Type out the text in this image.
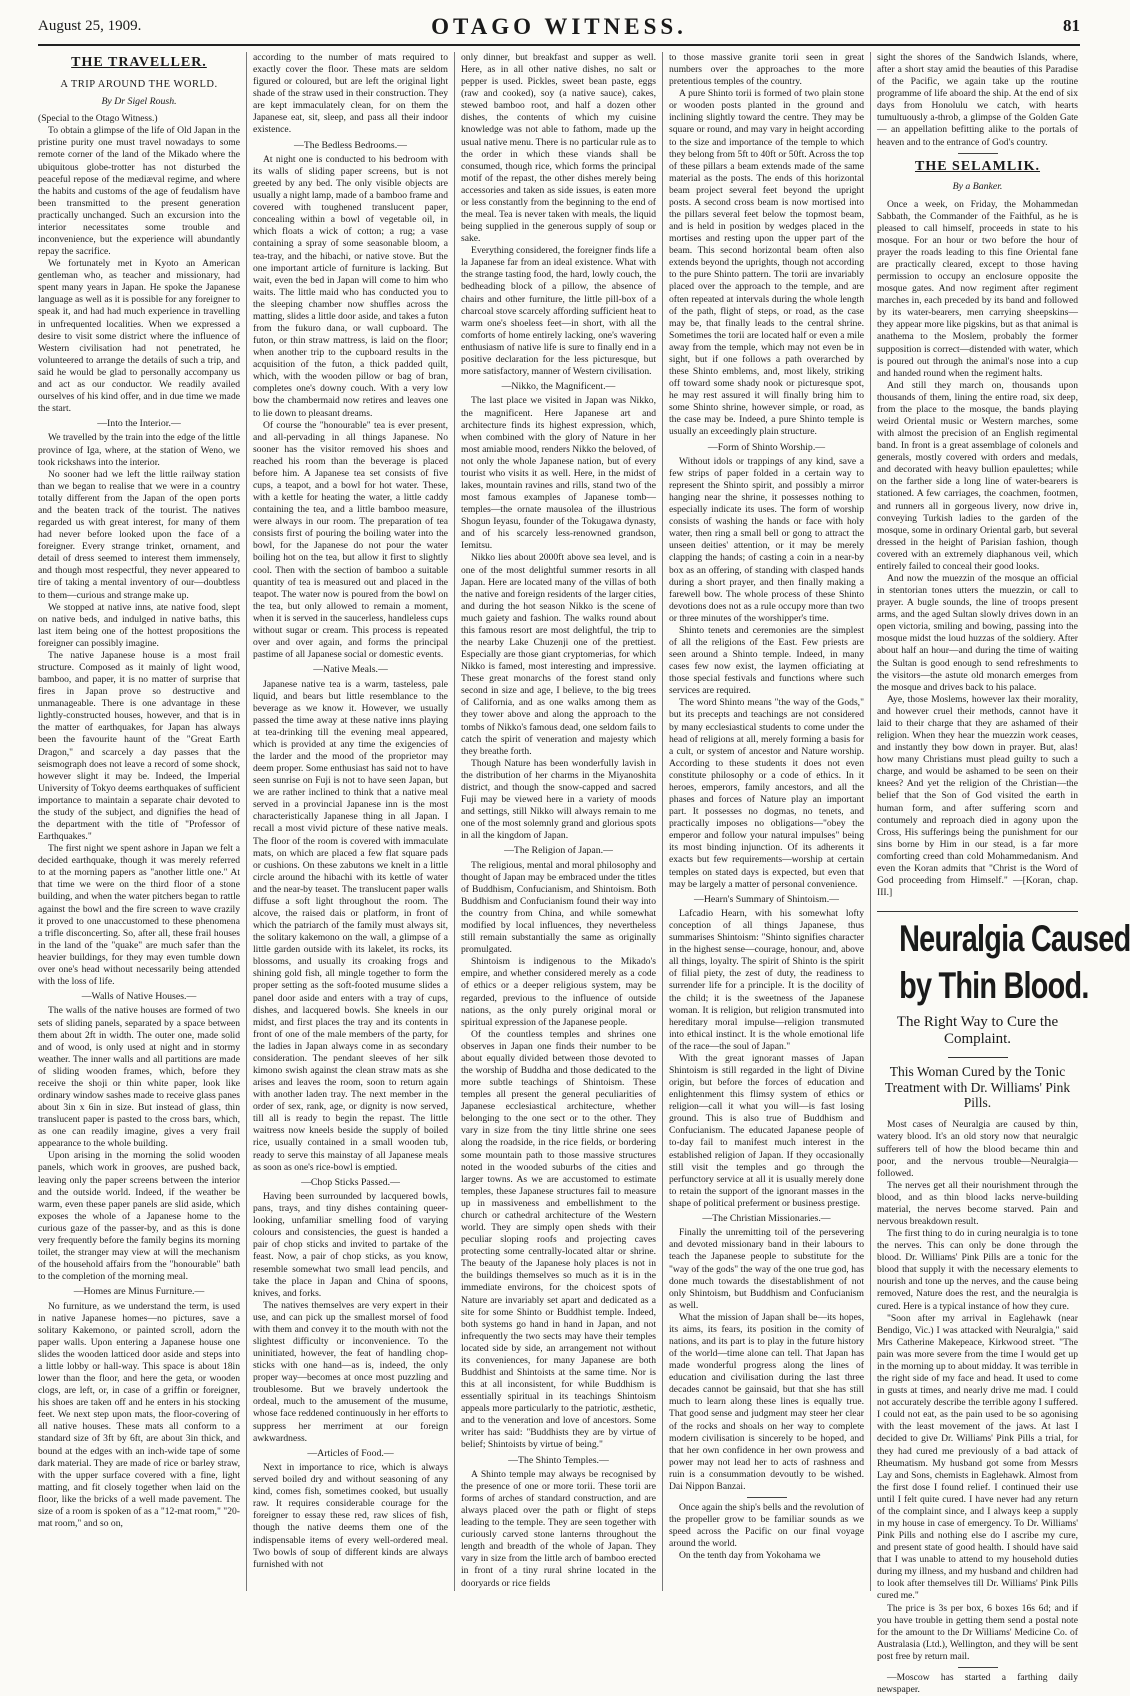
August 25, 1909.	OTAGO WITNESS.	81
THE TRAVELLER.
A TRIP AROUND THE WORLD.
By Dr Sigel Roush.

(Special to the Otago Witness.)

To obtain a glimpse of the life of Old Japan in the pristine purity one must travel nowadays to some remote corner of the land of the Mikado where the ubiquitous globe-trotter has not disturbed the peaceful repose of the mediæval regime, and where the habits and customs of the age of feudalism have been transmitted to the present generation practically unchanged. Such an excursion into the interior necessitates some trouble and inconvenience, but the experience will abundantly repay the sacrifice.

We fortunately met in Kyoto an American gentleman who, as teacher and missionary, had spent many years in Japan. He spoke the Japanese language as well as it is possible for any foreigner to speak it, and had had much experience in travelling in unfrequented localities. When we expressed a desire to visit some district where the influence of Western civilisation had not penetrated, he volunteered to arrange the details of such a trip, and said he would be glad to personally accompany us and act as our conductor. We readily availed ourselves of his kind offer, and in due time we made the start.

—Into the Interior.—

We travelled by the train into the edge of the little province of Iga, where, at the station of Weno, we took rickshaws into the interior.

No sooner had we left the little railway station than we began to realise that we were in a country totally different from the Japan of the open ports and the beaten track of the tourist. The natives regarded us with great interest, for many of them had never before looked upon the face of a foreigner. Every strange trinket, ornament, and detail of dress seemed to interest them immensely, and though most respectful, they never appeared to tire of taking a mental inventory of our—doubtless to them—curious and strange make up.

We stopped at native inns, ate native food, slept on native beds, and indulged in native baths, this last item being one of the hottest propositions the foreigner can possibly imagine.

The native Japanese house is a most frail structure. Composed as it mainly of light wood, bamboo, and paper, it is no matter of surprise that fires in Japan prove so destructive and unmanageable. There is one advantage in these lightly-constructed houses, however, and that is in the matter of earthquakes, for Japan has always been the favourite haunt of the "Great Earth Dragon," and scarcely a day passes that the seismograph does not leave a record of some shock, however slight it may be. Indeed, the Imperial University of Tokyo deems earthquakes of sufficient importance to maintain a separate chair devoted to the study of the subject, and dignifies the head of the department with the title of "Professor of Earthquakes."

The first night we spent ashore in Japan we felt a decided earthquake, though it was merely referred to at the morning papers as "another little one." At that time we were on the third floor of a stone building, and when the water pitchers began to rattle against the bowl and the fire screen to wave crazily it proved to one unaccustomed to these phenomena a trifle disconcerting. So, after all, these frail houses in the land of the "quake" are much safer than the heavier buildings, for they may even tumble down over one's head without necessarily being attended with the loss of life.

—Walls of Native Houses.—

The walls of the native houses are formed of two sets of sliding panels, separated by a space between them about 2ft in width. The outer one, made solid and of wood, is only used at night and in stormy weather. The inner walls and all partitions are made of sliding wooden frames, which, before they receive the shoji or thin white paper, look like ordinary window sashes made to receive glass panes about 3in x 6in in size. But instead of glass, thin translucent paper is pasted to the cross bars, which, as one can readily imagine, gives a very frail appearance to the whole building.

Upon arising in the morning the solid wooden panels, which work in grooves, are pushed back, leaving only the paper screens between the interior and the outside world. Indeed, if the weather be warm, even these paper panels are slid aside, which exposes the whole of a Japanese home to the curious gaze of the passer-by, and as this is done very frequently before the family begins its morning toilet, the stranger may view at will the mechanism of the household affairs from the "honourable" bath to the completion of the morning meal.

—Homes are Minus Furniture.—

No furniture, as we understand the term, is used in native Japanese homes—no pictures, save a solitary Kakemono, or painted scroll, adorn the paper walls. Upon entering a Japanese house one slides the wooden latticed door aside and steps into a little lobby or hall-way. This space is about 18in lower than the floor, and here the geta, or wooden clogs, are left, or, in case of a griffin or foreigner, his shoes are taken off and he enters in his stocking feet. We next step upon mats, the floor-covering of all native houses. These mats all conform to a standard size of 3ft by 6ft, are about 3in thick, and bound at the edges with an inch-wide tape of some dark material. They are made of rice or barley straw, with the upper surface covered with a fine, light matting, and fit closely together when laid on the floor, like the bricks of a well made pavement. The size of a room is spoken of as a "12-mat room," "20-mat room," and so on,

according to the number of mats required to exactly cover the floor. These mats are seldom figured or coloured, but are left the original light shade of the straw used in their construction. They are kept immaculately clean, for on them the Japanese eat, sit, sleep, and pass all their indoor existence.

—The Bedless Bedrooms.—

At night one is conducted to his bedroom with its walls of sliding paper screens, but is not greeted by any bed. The only visible objects are usually a night lamp, made of a bamboo frame and covered with toughened translucent paper, concealing within a bowl of vegetable oil, in which floats a wick of cotton; a rug; a vase containing a spray of some seasonable bloom, a tea-tray, and the hibachi, or native stove. But the one important article of furniture is lacking. But wait, even the bed in Japan will come to him who waits. The little maid who has conducted you to the sleeping chamber now shuffles across the matting, slides a little door aside, and takes a futon from the fukuro dana, or wall cupboard. The futon, or thin straw mattress, is laid on the floor; when another trip to the cupboard results in the acquisition of the futon, a thick padded quilt, which, with the wooden pillow or bag of bran, completes one's downy couch. With a very low bow the chambermaid now retires and leaves one to lie down to pleasant dreams.

Of course the "honourable" tea is ever present, and all-pervading in all things Japanese. No sooner has the visitor removed his shoes and reached his room than the beverage is placed before him. A Japanese tea set consists of five cups, a teapot, and a bowl for hot water. These, with a kettle for heating the water, a little caddy containing the tea, and a little bamboo measure, were always in our room. The preparation of tea consists first of pouring the boiling water into the bowl, for the Japanese do not pour the water boiling hot on the tea, but allow it first to slightly cool. Then with the section of bamboo a suitable quantity of tea is measured out and placed in the teapot. The water now is poured from the bowl on the tea, but only allowed to remain a moment, when it is served in the saucerless, handleless cups without sugar or cream. This process is repeated over and over again, and forms the principal pastime of all Japanese social or domestic events.

—Native Meals.—

Japanese native tea is a warm, tasteless, pale liquid, and bears but little resemblance to the beverage as we know it. However, we usually passed the time away at these native inns playing at tea-drinking till the evening meal appeared, which is provided at any time the exigencies of the larder and the mood of the proprietor may deem proper. Some enthusiast has said not to have seen sunrise on Fuji is not to have seen Japan, but we are rather inclined to think that a native meal served in a provincial Japanese inn is the most characteristically Japanese thing in all Japan. I recall a most vivid picture of these native meals. The floor of the room is covered with immaculate mats, on which are placed a few flat square pads or cushions. On these zabutons we knelt in a little circle around the hibachi with its kettle of water and the near-by teaset. The translucent paper walls diffuse a soft light throughout the room. The alcove, the raised dais or platform, in front of which the patriarch of the family must always sit, the solitary kakemono on the wall, a glimpse of a little garden outside with its lakelet, its rocks, its blossoms, and usually its croaking frogs and shining gold fish, all mingle together to form the proper setting as the soft-footed musume slides a panel door aside and enters with a tray of cups, dishes, and lacquered bowls. She kneels in our midst, and first places the tray and its contents in front of one of the male members of the party, for the ladies in Japan always come in as secondary consideration. The pendant sleeves of her silk kimono swish against the clean straw mats as she arises and leaves the room, soon to return again with another laden tray. The next member in the order of sex, rank, age, or dignity is now served, till all is ready to begin the repast. The little waitress now kneels beside the supply of boiled rice, usually contained in a small wooden tub, ready to serve this mainstay of all Japanese meals as soon as one's rice-bowl is emptied.

—Chop Sticks Passed.—

Having been surrounded by lacquered bowls, pans, trays, and tiny dishes containing queer-looking, unfamiliar smelling food of varying colours and consistencies, the guest is handed a pair of chop sticks and invited to partake of the feast. Now, a pair of chop sticks, as you know, resemble somewhat two small lead pencils, and take the place in Japan and China of spoons, knives, and forks.

The natives themselves are very expert in their use, and can pick up the smallest morsel of food with them and convey it to the mouth with not the slightest difficulty or inconvenience. To the uninitiated, however, the feat of handling chop-sticks with one hand—as is, indeed, the only proper way—becomes at once most puzzling and troublesome. But we bravely undertook the ordeal, much to the amusement of the musume, whose face reddened continuously in her efforts to suppress her merriment at our foreign awkwardness.

—Articles of Food.—

Next in importance to rice, which is always served boiled dry and without seasoning of any kind, comes fish, sometimes cooked, but usually raw. It requires considerable courage for the foreigner to essay these red, raw slices of fish, though the native deems them one of the indispensable items of every well-ordered meal. Two bowls of soup of different kinds are always furnished with not

only dinner, but breakfast and supper as well. Here, as in all other native dishes, no salt or pepper is used. Pickles, sweet bean paste, eggs (raw and cooked), soy (a native sauce), cakes, stewed bamboo root, and half a dozen other dishes, the contents of which my cuisine knowledge was not able to fathom, made up the usual native menu. There is no particular rule as to the order in which these viands shall be consumed, though rice, which forms the principal motif of the repast, the other dishes merely being accessories and taken as side issues, is eaten more or less constantly from the beginning to the end of the meal. Tea is never taken with meals, the liquid being supplied in the generous supply of soup or sake.

Everything considered, the foreigner finds life a la Japanese far from an ideal existence. What with the strange tasting food, the hard, lowly couch, the bedheading block of a pillow, the absence of chairs and other furniture, the little pill-box of a charcoal stove scarcely affording sufficient heat to warm one's shoeless feet—in short, with all the comforts of home entirely lacking, one's wavering enthusiasm of native life is sure to finally end in a positive declaration for the less picturesque, but more satisfactory, manner of Western civilisation.

—Nikko, the Magnificent.—

The last place we visited in Japan was Nikko, the magnificent. Here Japanese art and architecture finds its highest expression, which, when combined with the glory of Nature in her most amiable mood, renders Nikko the beloved, of not only the whole Japanese nation, but of every tourist who visits it as well. Here, in the midst of lakes, mountain ravines and rills, stand two of the most famous examples of Japanese tomb—temples—the ornate mausolea of the illustrious Shogun Ieyasu, founder of the Tokugawa dynasty, and of his scarcely less-renowned grandson, Iemitsu.

Nikko lies about 2000ft above sea level, and is one of the most delightful summer resorts in all Japan. Here are located many of the villas of both the native and foreign residents of the larger cities, and during the hot season Nikko is the scene of much gaiety and fashion. The walks round about this famous resort are most delightful, the trip to the nearby Lake Chuzenji one of the prettiest. Especially are those giant cryptomerias, for which Nikko is famed, most interesting and impressive. These great monarchs of the forest stand only second in size and age, I believe, to the big trees of California, and as one walks among them as they tower above and along the approach to the tombs of Nikko's famous dead, one seldom fails to catch the spirit of veneration and majesty which they breathe forth.

Though Nature has been wonderfully lavish in the distribution of her charms in the Miyanoshita district, and though the snow-capped and sacred Fuji may be viewed here in a variety of moods and settings, still Nikko will always remain to me one of the most solemnly grand and glorious spots in all the kingdom of Japan.

—The Religion of Japan.—

The religious, mental and moral philosophy and thought of Japan may be embraced under the titles of Buddhism, Confucianism, and Shintoism. Both Buddhism and Confucianism found their way into the country from China, and while somewhat modified by local influences, they nevertheless still remain substantially the same as originally promulgated.

Shintoism is indigenous to the Mikado's empire, and whether considered merely as a code of ethics or a deeper religious system, may be regarded, previous to the influence of outside nations, as the only purely original moral or spiritual expression of the Japanese people.

Of the countless temples and shrines one observes in Japan one finds their number to be about equally divided between those devoted to the worship of Buddha and those dedicated to the more subtle teachings of Shintoism. These temples all present the general peculiarities of Japanese ecclesiastical architecture, whether belonging to the one sect or to the other. They vary in size from the tiny little shrine one sees along the roadside, in the rice fields, or bordering some mountain path to those massive structures noted in the wooded suburbs of the cities and larger towns. As we are accustomed to estimate temples, these Japanese structures fail to measure up in massiveness and embellishment to the church or cathedral architecture of the Western world. They are simply open sheds with their peculiar sloping roofs and projecting caves protecting some centrally-located altar or shrine. The beauty of the Japanese holy places is not in the buildings themselves so much as it is in the immediate environs, for the choicest spots of Nature are invariably set apart and dedicated as a site for some Shinto or Buddhist temple. Indeed, both systems go hand in hand in Japan, and not infrequently the two sects may have their temples located side by side, an arrangement not without its conveniences, for many Japanese are both Buddhist and Shintoists at the same time. Nor is this at all inconsistent, for while Buddhism is essentially spiritual in its teachings Shintoism appeals more particularly to the patriotic, æsthetic, and to the veneration and love of ancestors. Some writer has said: "Buddhists they are by virtue of belief; Shintoists by virtue of being."

—The Shinto Temples.—

A Shinto temple may always be recognised by the presence of one or more torii. These torii are forms of arches of standard construction, and are always placed over the path or flight of steps leading to the temple. They are seen together with curiously carved stone lanterns throughout the length and breadth of the whole of Japan. They vary in size from the little arch of bamboo erected in front of a tiny rural shrine located in the dooryards or rice fields

to those massive granite torii seen in great numbers over the approaches to the more pretentious temples of the country.

A pure Shinto torii is formed of two plain stone or wooden posts planted in the ground and inclining slightly toward the centre. They may be square or round, and may vary in height according to the size and importance of the temple to which they belong from 5ft to 40ft or 50ft. Across the top of these pillars a beam extends made of the same material as the posts. The ends of this horizontal beam project several feet beyond the upright posts. A second cross beam is now mortised into the pillars several feet below the topmost beam, and is held in position by wedges placed in the mortises and resting upon the upper part of the beam. This second horizontal beam often also extends beyond the uprights, though not according to the pure Shinto pattern. The torii are invariably placed over the approach to the temple, and are often repeated at intervals during the whole length of the path, flight of steps, or road, as the case may be, that finally leads to the central shrine. Sometimes the torii are located half or even a mile away from the temple, which may not even be in sight, but if one follows a path overarched by these Shinto emblems, and, most likely, striking off toward some shady nook or picturesque spot, he may rest assured it will finally bring him to some Shinto shrine, however simple, or road, as the case may be. Indeed, a pure Shinto temple is usually an exceedingly plain structure.

—Form of Shinto Worship.—

Without idols or trappings of any kind, save a few strips of paper folded in a certain way to represent the Shinto spirit, and possibly a mirror hanging near the shrine, it possesses nothing to especially indicate its uses. The form of worship consists of washing the hands or face with holy water, then ring a small bell or gong to attract the unseen deities' attention, or it may be merely clapping the hands; of casting a coin in a near-by box as an offering, of standing with clasped hands during a short prayer, and then finally making a farewell bow. The whole process of these Shinto devotions does not as a rule occupy more than two or three minutes of the worshipper's time.

Shinto tenets and ceremonies are the simplest of all the religions of the East. Few priests are seen around a Shinto temple. Indeed, in many cases few now exist, the laymen officiating at those special festivals and functions where such services are required.

The word Shinto means "the way of the Gods," but its precepts and teachings are not considered by many ecclesiastical students to come under the head of religions at all, merely forming a basis for a cult, or system of ancestor and Nature worship. According to these students it does not even constitute philosophy or a code of ethics. In it heroes, emperors, family ancestors, and all the phases and forces of Nature play an important part. It possesses no dogmas, no tenets, and practically imposes no obligations—"obey the emperor and follow your natural impulses" being its most binding injunction. Of its adherents it exacts but few requirements—worship at certain temples on stated days is expected, but even that may be largely a matter of personal convenience.

—Hearn's Summary of Shintoism.—

Lafcadio Hearn, with his somewhat lofty conception of all things Japanese, thus summarises Shintoism: "Shinto signifies character in the highest sense—courage, honour, and, above all things, loyalty. The spirit of Shinto is the spirit of filial piety, the zest of duty, the readiness to surrender life for a principle. It is the docility of the child; it is the sweetness of the Japanese woman. It is religion, but religion transmuted into hereditary moral impulse—religion transmuted into ethical instinct. It is the whole emotional life of the race—the soul of Japan."

With the great ignorant masses of Japan Shintoism is still regarded in the light of Divine origin, but before the forces of education and enlightenment this flimsy system of ethics or religion—call it what you will—is fast losing ground. This is also true of Buddhism and Confucianism. The educated Japanese people of to-day fail to manifest much interest in the established religion of Japan. If they occasionally still visit the temples and go through the perfunctory service at all it is usually merely done to retain the support of the ignorant masses in the shape of political preferment or business prestige.

—The Christian Missionaries.—

Finally the unremitting toil of the persevering and devoted missionary band in their labours to teach the Japanese people to substitute for the "way of the gods" the way of the one true god, has done much towards the disestablishment of not only Shintoism, but Buddhism and Confucianism as well.

What the mission of Japan shall be—its hopes, its aims, its fears, its position in the comity of nations, and its part is to play in the future history of the world—time alone can tell. That Japan has made wonderful progress along the lines of education and civilisation during the last three decades cannot be gainsaid, but that she has still much to learn along these lines is equally true. That good sense and judgment may steer her clear of the rocks and shoals on her way to complete modern civilisation is sincerely to be hoped, and that her own confidence in her own prowess and power may not lead her to acts of rashness and ruin is a consummation devoutly to be wished. Dai Nippon Banzai.

Once again the ship's bells and the revolution of the propeller grow to be familiar sounds as we speed across the Pacific on our final voyage around the world.

On the tenth day from Yokohama we

sight the shores of the Sandwich Islands, where, after a short stay amid the beauties of this Paradise of the Pacific, we again take up the routine programme of life aboard the ship. At the end of six days from Honolulu we catch, with hearts tumultuously a-throb, a glimpse of the Golden Gate — an appellation befitting alike to the portals of heaven and to the entrance of God's country.

THE SELAMLIK.
By a Banker.

Once a week, on Friday, the Mohammedan Sabbath, the Commander of the Faithful, as he is pleased to call himself, proceeds in state to his mosque. For an hour or two before the hour of prayer the roads leading to this fine Oriental fane are practically cleared, except to those having permission to occupy an enclosure opposite the mosque gates. And now regiment after regiment marches in, each preceded by its band and followed by its water-bearers, men carrying sheepskins—they appear more like pigskins, but as that animal is anathema to the Moslem, probably the former supposition is correct—distended with water, which is poured out through the animal's nose into a cup and handed round when the regiment halts.

And still they march on, thousands upon thousands of them, lining the entire road, six deep, from the place to the mosque, the bands playing weird Oriental music or Western marches, some with almost the precision of an English regimental band. In front is a great assemblage of colonels and generals, mostly covered with orders and medals, and decorated with heavy bullion epaulettes; while on the farther side a long line of water-bearers is stationed. A few carriages, the coachmen, footmen, and runners all in gorgeous livery, now drive in, conveying Turkish ladies to the garden of the mosque, some in ordinary Oriental garb, but several dressed in the height of Parisian fashion, though covered with an extremely diaphanous veil, which entirely failed to conceal their good looks.

And now the muezzin of the mosque an official in stentorian tones utters the muezzin, or call to prayer. A bugle sounds, the line of troops present arms, and the aged Sultan slowly drives down in an open victoria, smiling and bowing, passing into the mosque midst the loud huzzas of the soldiery. After about half an hour—and during the time of waiting the Sultan is good enough to send refreshments to the visitors—the astute old monarch emerges from the mosque and drives back to his palace.

Aye, those Moslems, however lax their morality, and however cruel their methods, cannot have it laid to their charge that they are ashamed of their religion. When they hear the muezzin work ceases, and instantly they bow down in prayer. But, alas! how many Christians must plead guilty to such a charge, and would be ashamed to be seen on their knees? And yet the religion of the Christian—the belief that the Son of God visited the earth in human form, and after suffering scorn and contumely and reproach died in agony upon the Cross, His sufferings being the punishment for our sins borne by Him in our stead, is a far more comforting creed than cold Mohammedanism. And even the Koran admits that "Christ is the Word of God proceeding from Himself." —[Koran, chap. III.]

Neuralgia Caused
by Thin Blood.
The Right Way to Cure the Complaint.
This Woman Cured by the Tonic Treatment with Dr. Williams' Pink Pills.

Most cases of Neuralgia are caused by thin, watery blood. It's an old story now that neuralgic sufferers tell of how the blood became thin and poor, and the nervous trouble—Neuralgia—followed.

The nerves get all their nourishment through the blood, and as thin blood lacks nerve-building material, the nerves become starved. Pain and nervous breakdown result.

The first thing to do in curing neuralgia is to tone the nerves. This can only be done through the blood. Dr. Williams' Pink Pills are a tonic for the blood that supply it with the necessary elements to nourish and tone up the nerves, and the cause being removed, Nature does the rest, and the neuralgia is cured. Here is a typical instance of how they cure.

"Soon after my arrival in Eaglehawk (near Bendigo, Vic.) I was attacked with Neuralgia," said Mrs Catherine Makepeace, Kirkwood street. "The pain was more severe from the time I would get up in the morning up to about midday. It was terrible in the right side of my face and head. It used to come in gusts at times, and nearly drive me mad. I could not accurately describe the terrible agony I suffered. I could not eat, as the pain used to be so agonising with the least movement of the jaws. At last I decided to give Dr. Williams' Pink Pills a trial, for they had cured me previously of a bad attack of Rheumatism. My husband got some from Messrs Lay and Sons, chemists in Eaglehawk. Almost from the first dose I found relief. I continued their use until I felt quite cured. I have never had any return of the complaint since, and I always keep a supply in my house in case of emergency. To Dr. Williams' Pink Pills and nothing else do I ascribe my cure, and present state of good health. I should have said that I was unable to attend to my household duties during my illness, and my husband and children had to look after themselves till Dr. Williams' Pink Pills cured me."

The price is 3s per box, 6 boxes 16s 6d; and if you have trouble in getting them send a postal note for the amount to the Dr Williams' Medicine Co. of Australasia (Ltd.), Wellington, and they will be sent post free by return mail.

—Moscow has started a farthing daily newspaper.
